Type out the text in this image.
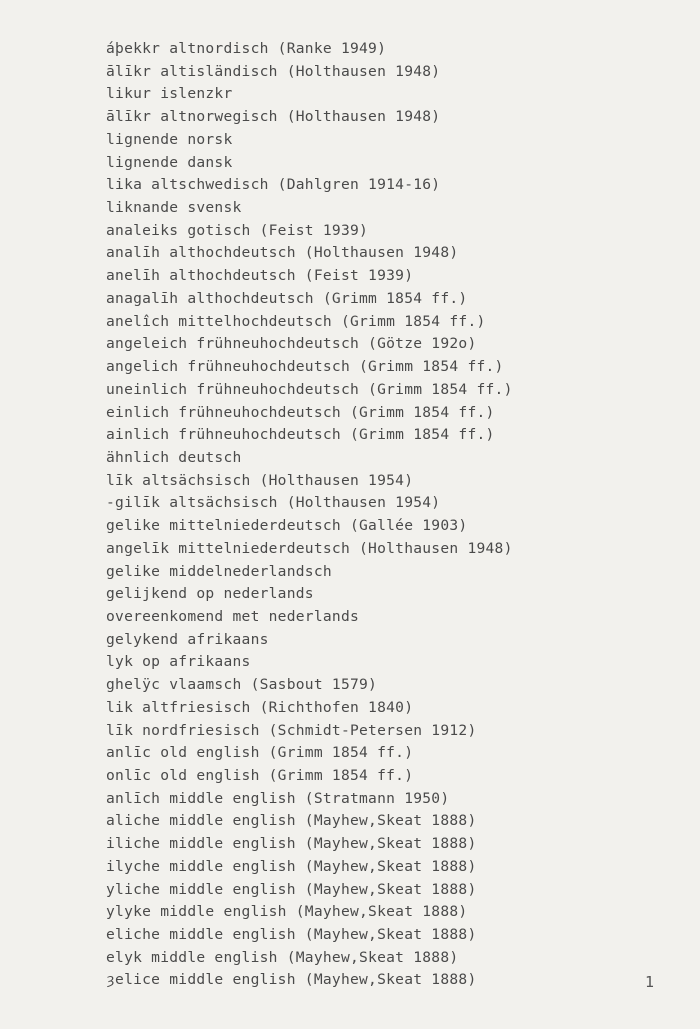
áþekkr altnordisch (Ranke 1949)
ālīkr altisländisch (Holthausen 1948)
likur islenzkr
ālīkr altnorwegisch (Holthausen 1948)
lignende norsk
lignende dansk
lika altschwedisch (Dahlgren 1914-16)
liknande svensk
analeiks gotisch (Feist 1939)
analīh althochdeutsch (Holthausen 1948)
anelīh althochdeutsch (Feist 1939)
anagalīh althochdeutsch (Grimm 1854 ff.)
anelîch mittelhochdeutsch (Grimm 1854 ff.)
angeleich frühneuhochdeutsch (Götze 192o)
angelich frühneuhochdeutsch (Grimm 1854 ff.)
uneinlich frühneuhochdeutsch (Grimm 1854 ff.)
einlich frühneuhochdeutsch (Grimm 1854 ff.)
ainlich frühneuhochdeutsch (Grimm 1854 ff.)
ähnlich deutsch
līk altsächsisch (Holthausen 1954)
-gilīk altsächsisch (Holthausen 1954)
gelike mittelniederdeutsch (Gallée 1903)
angelīk mittelniederdeutsch (Holthausen 1948)
gelike middelnederlandsch
gelijkend op nederlands
overeenkomend met nederlands
gelykend afrikaans
lyk op afrikaans
ghelÿc vlaamsch (Sasbout 1579)
lik altfriesisch (Richthofen 1840)
līk nordfriesisch (Schmidt-Petersen 1912)
anlīc old english (Grimm 1854 ff.)
onlīc old english (Grimm 1854 ff.)
anlīch middle english (Stratmann 1950)
aliche middle english (Mayhew,Skeat 1888)
iliche middle english (Mayhew,Skeat 1888)
ilyche middle english (Mayhew,Skeat 1888)
yliche middle english (Mayhew,Skeat 1888)
ylyke middle english (Mayhew,Skeat 1888)
eliche middle english (Mayhew,Skeat 1888)
elyk middle english (Mayhew,Skeat 1888)
ȝelice middle english (Mayhew,Skeat 1888)	1
